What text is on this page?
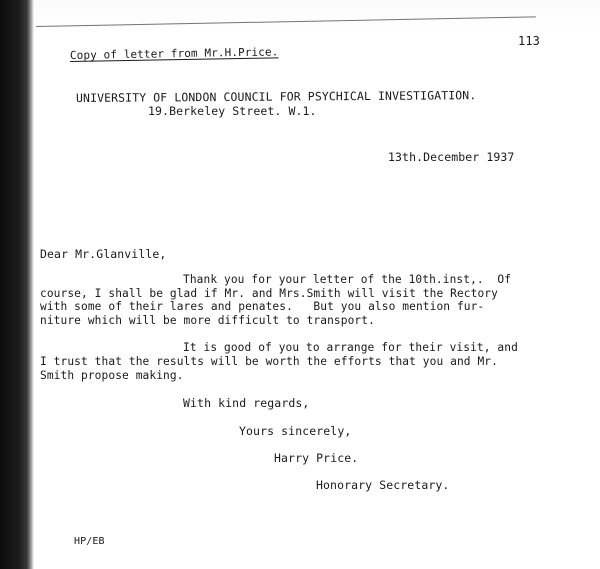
113
Copy of letter from Mr.H.Price.
UNIVERSITY OF LONDON COUNCIL FOR PSYCHICAL INVESTIGATION.
19.Berkeley Street. W.1.
13th.December 1937
Dear Mr.Glanville,
Thank you for your letter of the 10th.inst,.  Of
course, I shall be glad if Mr. and Mrs.Smith will visit the Rectory
with some of their lares and penates.   But you also mention fur-
niture which will be more difficult to transport.
It is good of you to arrange for their visit, and
I trust that the results will be worth the efforts that you and Mr.
Smith propose making.
With kind regards,
Yours sincerely,
Harry Price.
Honorary Secretary.
HP/EB
